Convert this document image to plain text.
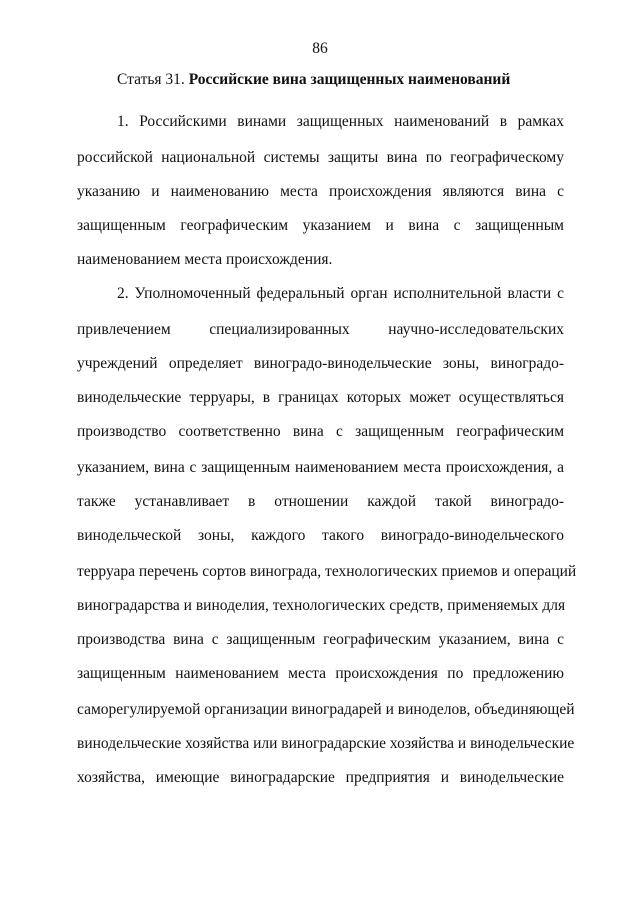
86
Статья 31. Российские вина защищенных наименований
1. Российскими винами защищенных наименований в рамках
российской национальной системы защиты вина по географическому
указанию и наименованию места происхождения являются вина с
защищенным географическим указанием и вина с защищенным
наименованием места происхождения.
2. Уполномоченный федеральный орган исполнительной власти с
привлечением специализированных научно-исследовательских
учреждений определяет виноградо-винодельческие зоны, виноградо-
винодельческие терруары, в границах которых может осуществляться
производство соответственно вина с защищенным географическим
указанием, вина с защищенным наименованием места происхождения, а
также устанавливает в отношении каждой такой виноградо-
винодельческой зоны, каждого такого виноградо-винодельческого
терруара перечень сортов винограда, технологических приемов и операций
виноградарства и виноделия, технологических средств, применяемых для
производства вина с защищенным географическим указанием, вина с
защищенным наименованием места происхождения по предложению
саморегулируемой организации виноградарей и виноделов, объединяющей
винодельческие хозяйства или виноградарские хозяйства и винодельческие
хозяйства, имеющие виноградарские предприятия и винодельческие
